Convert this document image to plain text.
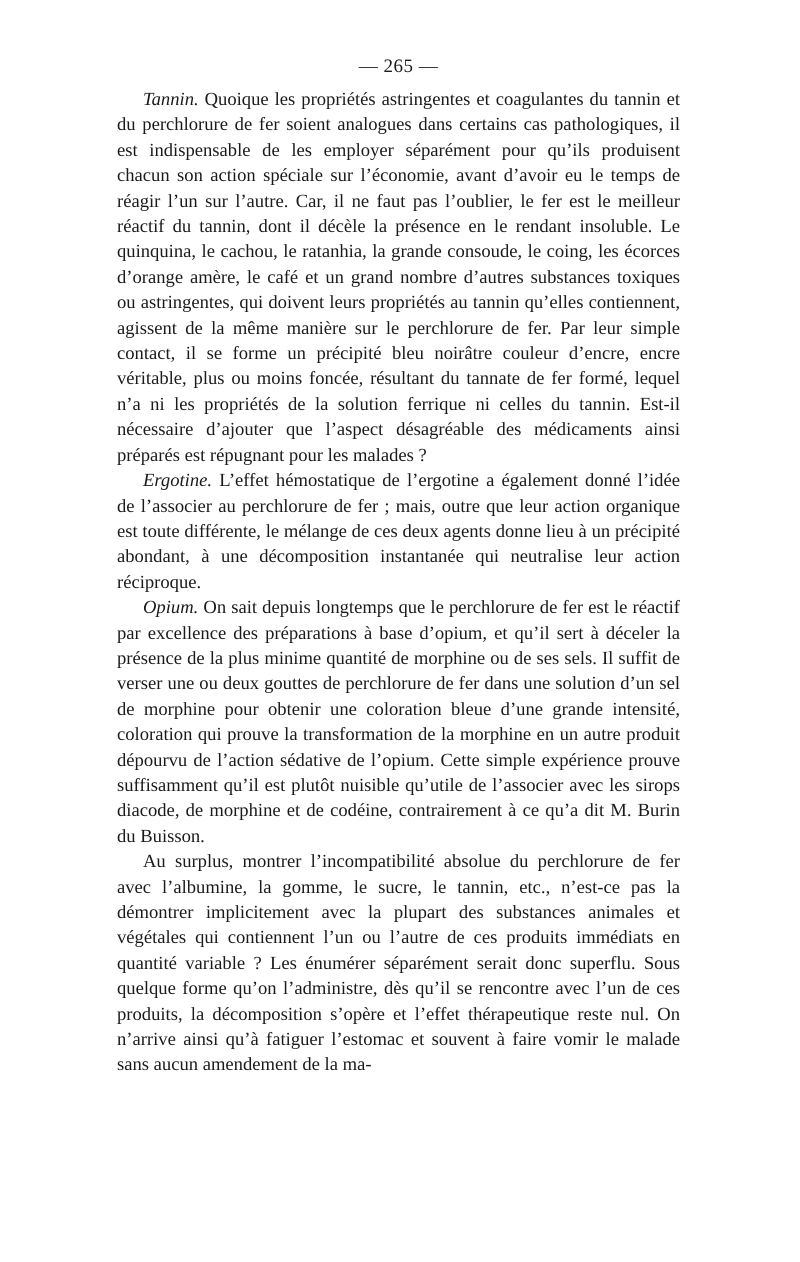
— 265 —

Tannin. Quoique les propriétés astringentes et coagulantes du tannin et du perchlorure de fer soient analogues dans certains cas pathologiques, il est indispensable de les employer séparément pour qu’ils produisent chacun son action spéciale sur l’économie, avant d’avoir eu le temps de réagir l’un sur l’autre. Car, il ne faut pas l’oublier, le fer est le meilleur réactif du tannin, dont il décèle la présence en le rendant insoluble. Le quinquina, le cachou, le ratanhia, la grande consoude, le coing, les écorces d’orange amère, le café et un grand nombre d’autres substances toxiques ou astringentes, qui doivent leurs propriétés au tannin qu’elles contiennent, agissent de la même manière sur le perchlorure de fer. Par leur simple contact, il se forme un précipité bleu noirâtre couleur d’encre, encre véritable, plus ou moins foncée, résultant du tannate de fer formé, lequel n’a ni les propriétés de la solution ferrique ni celles du tannin. Est-il nécessaire d’ajouter que l’aspect désagréable des médicaments ainsi préparés est répugnant pour les malades ?

Ergotine. L’effet hémostatique de l’ergotine a également donné l’idée de l’associer au perchlorure de fer ; mais, outre que leur action organique est toute différente, le mélange de ces deux agents donne lieu à un précipité abondant, à une décomposition instantanée qui neutralise leur action réciproque.

Opium. On sait depuis longtemps que le perchlorure de fer est le réactif par excellence des préparations à base d’opium, et qu’il sert à déceler la présence de la plus minime quantité de morphine ou de ses sels. Il suffit de verser une ou deux gouttes de perchlorure de fer dans une solution d’un sel de morphine pour obtenir une coloration bleue d’une grande intensité, coloration qui prouve la transformation de la morphine en un autre produit dépourvu de l’action sédative de l’opium. Cette simple expérience prouve suffisamment qu’il est plutôt nuisible qu’utile de l’associer avec les sirops diacode, de morphine et de codéine, contrairement à ce qu’a dit M. Burin du Buisson.

Au surplus, montrer l’incompatibilité absolue du perchlorure de fer avec l’albumine, la gomme, le sucre, le tannin, etc., n’est-ce pas la démontrer implicitement avec la plupart des substances animales et végétales qui contiennent l’un ou l’autre de ces produits immédiats en quantité variable ? Les énumérer séparément serait donc superflu. Sous quelque forme qu’on l’administre, dès qu’il se rencontre avec l’un de ces produits, la décomposition s’opère et l’effet thérapeutique reste nul. On n’arrive ainsi qu’à fatiguer l’estomac et souvent à faire vomir le malade sans aucun amendement de la ma-
